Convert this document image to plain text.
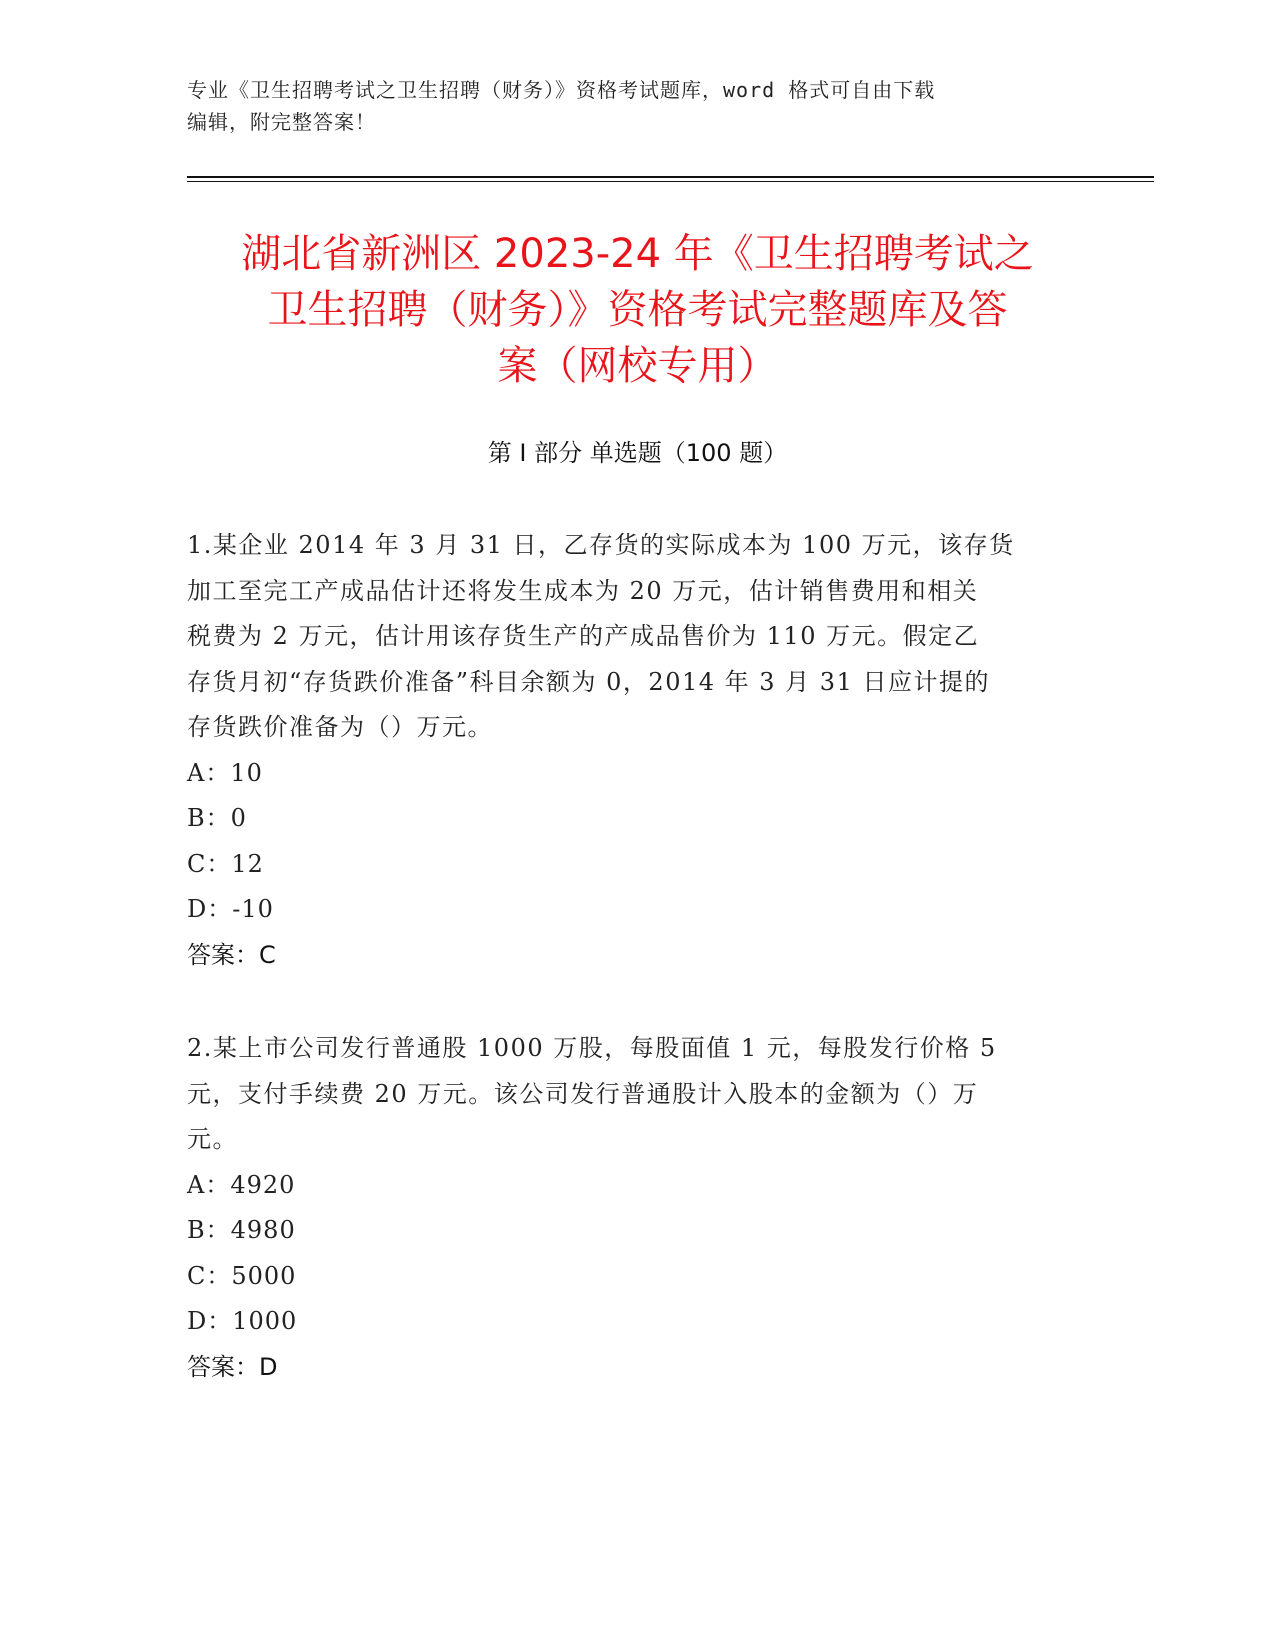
专业《卫生招聘考试之卫生招聘（财务）》资格考试题库，word 格式可自由下载
编辑，附完整答案！
湖北省新洲区 2023-24 年《卫生招聘考试之
卫生招聘（财务）》资格考试完整题库及答
案（网校专用）
第 I 部分 单选题（100 题）
1.某企业 2014 年 3 月 31 日，乙存货的实际成本为 100 万元，该存货
加工至完工产成品估计还将发生成本为 20 万元，估计销售费用和相关
税费为 2 万元，估计用该存货生产的产成品售价为 110 万元。假定乙
存货月初“存货跌价准备”科目余额为 0，2014 年 3 月 31 日应计提的
存货跌价准备为（）万元。
A：10
B：0
C：12
D：-10
答案：C
2.某上市公司发行普通股 1000 万股，每股面值 1 元，每股发行价格 5
元，支付手续费 20 万元。该公司发行普通股计入股本的金额为（）万
元。
A：4920
B：4980
C：5000
D：1000
答案：D
